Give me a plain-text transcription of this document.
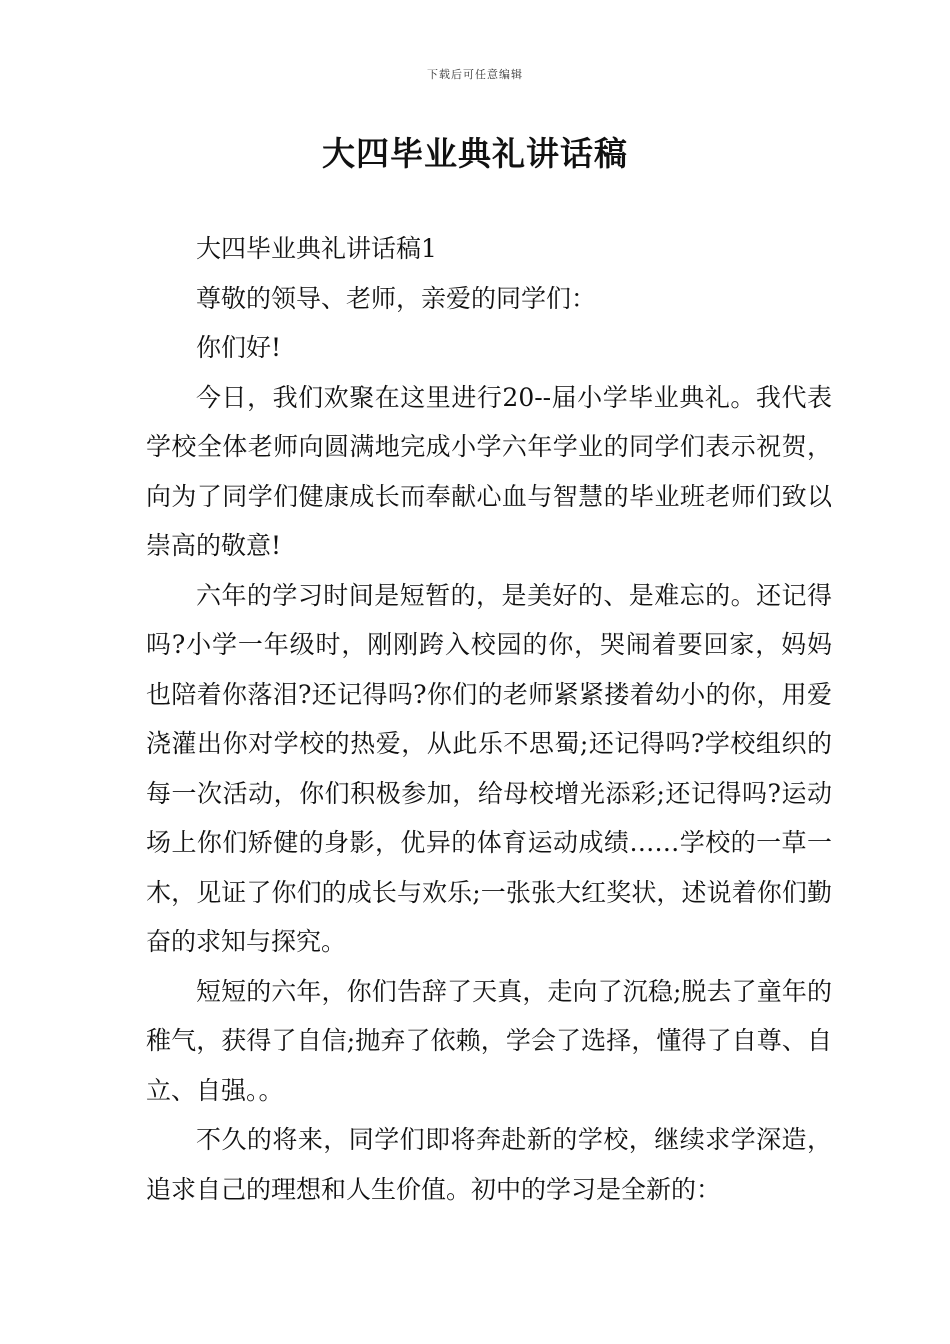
下载后可任意编辑
大四毕业典礼讲话稿

大四毕业典礼讲话稿1

尊敬的领导、老师，亲爱的同学们：

你们好!

今日，我们欢聚在这里进行20--届小学毕业典礼。我代表学校全体老师向圆满地完成小学六年学业的同学们表示祝贺，向为了同学们健康成长而奉献心血与智慧的毕业班老师们致以崇高的敬意!

六年的学习时间是短暂的，是美好的、是难忘的。还记得吗?小学一年级时，刚刚跨入校园的你，哭闹着要回家，妈妈也陪着你落泪?还记得吗?你们的老师紧紧搂着幼小的你，用爱浇灌出你对学校的热爱，从此乐不思蜀;还记得吗?学校组织的每一次活动，你们积极参加，给母校增光添彩;还记得吗?运动场上你们矫健的身影，优异的体育运动成绩……学校的一草一木，见证了你们的成长与欢乐;一张张大红奖状，述说着你们勤奋的求知与探究。

短短的六年，你们告辞了天真，走向了沉稳;脱去了童年的稚气，获得了自信;抛弃了依赖，学会了选择，懂得了自尊、自立、自强。。

不久的将来，同学们即将奔赴新的学校，继续求学深造，追求自己的理想和人生价值。初中的学习是全新的：
